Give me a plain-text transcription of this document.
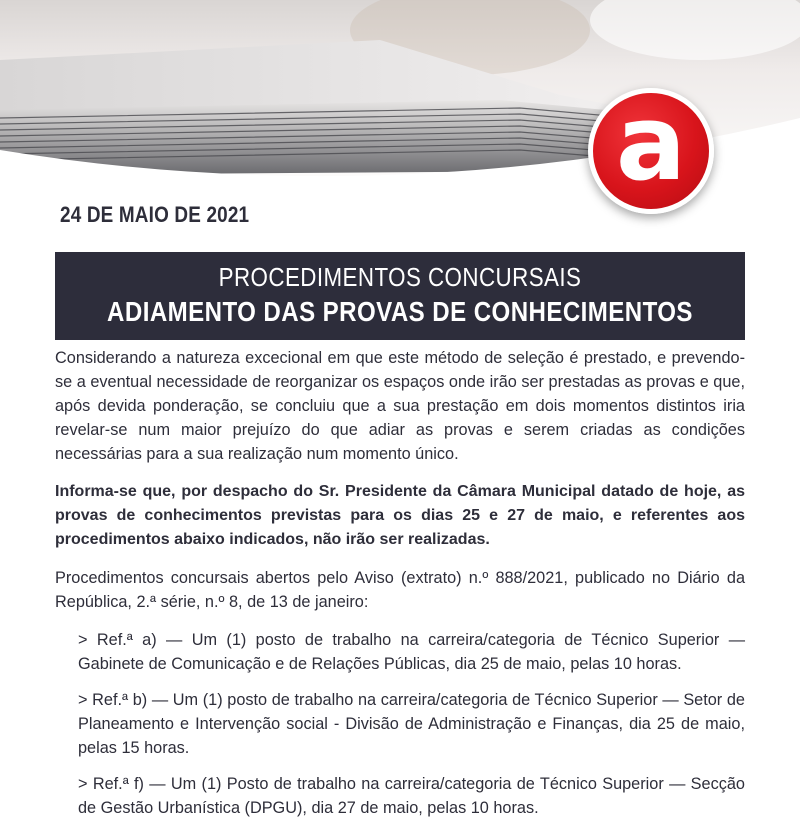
a
24 DE MAIO DE 2021
PROCEDIMENTOS CONCURSAIS
ADIAMENTO DAS PROVAS DE CONHECIMENTOS

Considerando a natureza excecional em que este método de seleção é prestado, e prevendo-se a eventual necessidade de reorganizar os espaços onde irão ser prestadas as provas e que, após devida ponderação, se concluiu que a sua prestação em dois momentos distintos iria revelar-se num maior prejuízo do que adiar as provas e serem criadas as condições necessárias para a sua realização num momento único.

Informa-se que, por despacho do Sr. Presidente da Câmara Municipal datado de hoje, as provas de conhecimentos previstas para os dias 25 e 27 de maio, e referentes aos procedimentos abaixo indicados, não irão ser realizadas.

Procedimentos concursais abertos pelo Aviso (extrato) n.º 888/2021, publicado no Diário da República, 2.ª série, n.º 8, de 13 de janeiro:

> Ref.ª a) — Um (1) posto de trabalho na carreira/categoria de Técnico Superior — Gabinete de Comunicação e de Relações Públicas, dia 25 de maio, pelas 10 horas.

> Ref.ª b) — Um (1) posto de trabalho na carreira/categoria de Técnico Superior — Setor de Planeamento e Intervenção social - Divisão de Administração e Finanças, dia 25 de maio, pelas 15 horas.

> Ref.ª f) — Um (1) Posto de trabalho na carreira/categoria de Técnico Superior — Secção de Gestão Urbanística (DPGU), dia 27 de maio, pelas 10 horas.
